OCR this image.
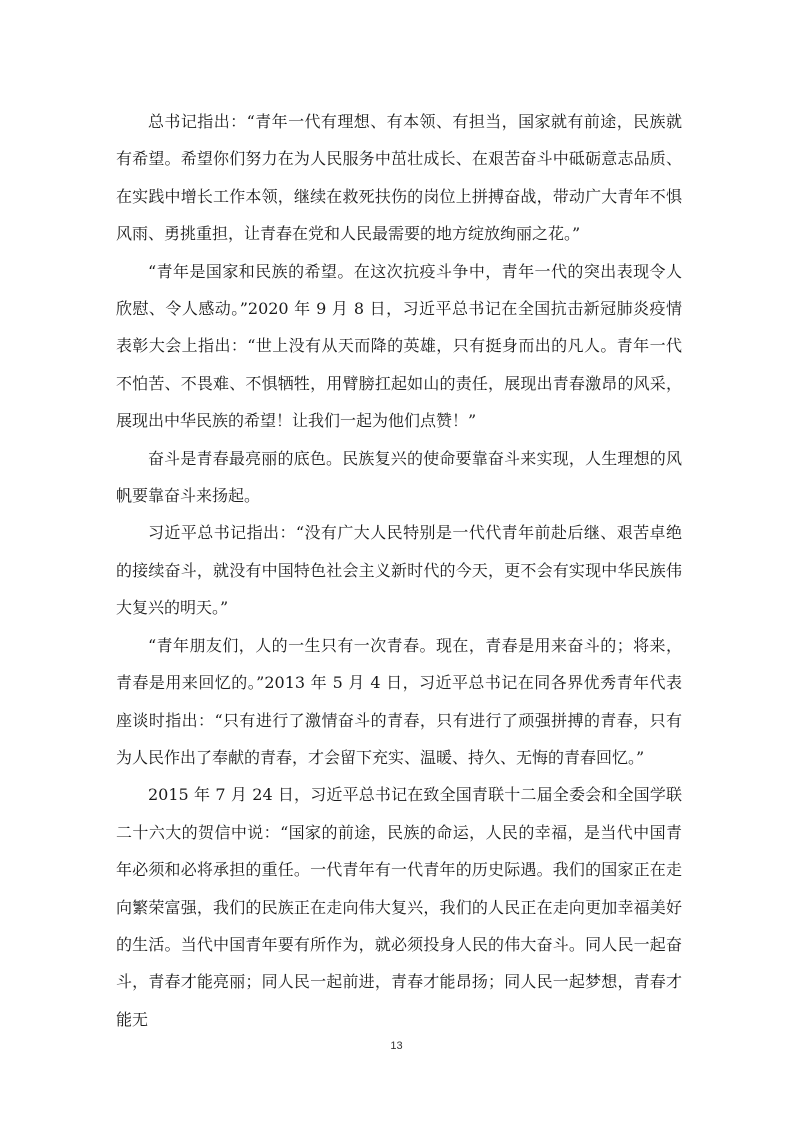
总书记指出：“青年一代有理想、有本领、有担当，国家就有前途，民族就有希望。希望你们努力在为人民服务中茁壮成长、在艰苦奋斗中砥砺意志品质、在实践中增长工作本领，继续在救死扶伤的岗位上拼搏奋战，带动广大青年不惧风雨、勇挑重担，让青春在党和人民最需要的地方绽放绚丽之花。”

“青年是国家和民族的希望。在这次抗疫斗争中，青年一代的突出表现令人欣慰、令人感动。”2020 年 9 月 8 日，习近平总书记在全国抗击新冠肺炎疫情表彰大会上指出：“世上没有从天而降的英雄，只有挺身而出的凡人。青年一代不怕苦、不畏难、不惧牺牲，用臂膀扛起如山的责任，展现出青春激昂的风采，展现出中华民族的希望！让我们一起为他们点赞！”

奋斗是青春最亮丽的底色。民族复兴的使命要靠奋斗来实现，人生理想的风帆要靠奋斗来扬起。

习近平总书记指出：“没有广大人民特别是一代代青年前赴后继、艰苦卓绝的接续奋斗，就没有中国特色社会主义新时代的今天，更不会有实现中华民族伟大复兴的明天。”

“青年朋友们，人的一生只有一次青春。现在，青春是用来奋斗的；将来，青春是用来回忆的。”2013 年 5 月 4 日，习近平总书记在同各界优秀青年代表座谈时指出：“只有进行了激情奋斗的青春，只有进行了顽强拼搏的青春，只有为人民作出了奉献的青春，才会留下充实、温暖、持久、无悔的青春回忆。”

2015 年 7 月 24 日，习近平总书记在致全国青联十二届全委会和全国学联二十六大的贺信中说：“国家的前途，民族的命运，人民的幸福，是当代中国青年必须和必将承担的重任。一代青年有一代青年的历史际遇。我们的国家正在走向繁荣富强，我们的民族正在走向伟大复兴，我们的人民正在走向更加幸福美好的生活。当代中国青年要有所作为，就必须投身人民的伟大奋斗。同人民一起奋斗，青春才能亮丽；同人民一起前进，青春才能昂扬；同人民一起梦想，青春才能无

13
